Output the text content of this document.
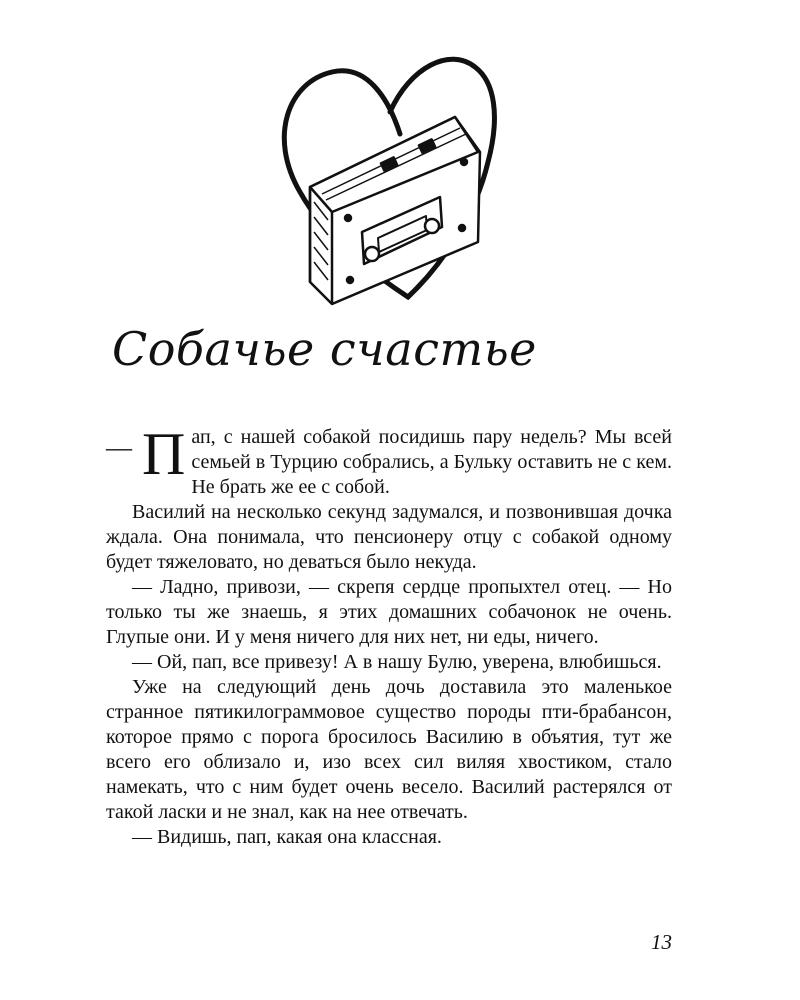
Собачье счастье

— П ап, с нашей собакой посидишь пару недель? Мы всей семьей в Турцию собрались, а Бульку оставить не с кем. Не брать же ее с собой.

Василий на несколько секунд задумался, и позвонившая дочка ждала. Она понимала, что пенсионеру отцу с собакой одному будет тяжеловато, но деваться было некуда.

— Ладно, привози, — скрепя сердце пропыхтел отец. — Но только ты же знаешь, я этих домашних собачонок не очень. Глупые они. И у меня ничего для них нет, ни еды, ничего.

— Ой, пап, все привезу! А в нашу Булю, уверена, влюбишься.

Уже на следующий день дочь доставила это маленькое странное пятикилограммовое существо породы пти-брабансон, которое прямо с порога бросилось Василию в объятия, тут же всего его облизало и, изо всех сил виляя хвостиком, стало намекать, что с ним будет очень весело. Василий растерялся от такой ласки и не знал, как на нее отвечать.

— Видишь, пап, какая она классная.

13
